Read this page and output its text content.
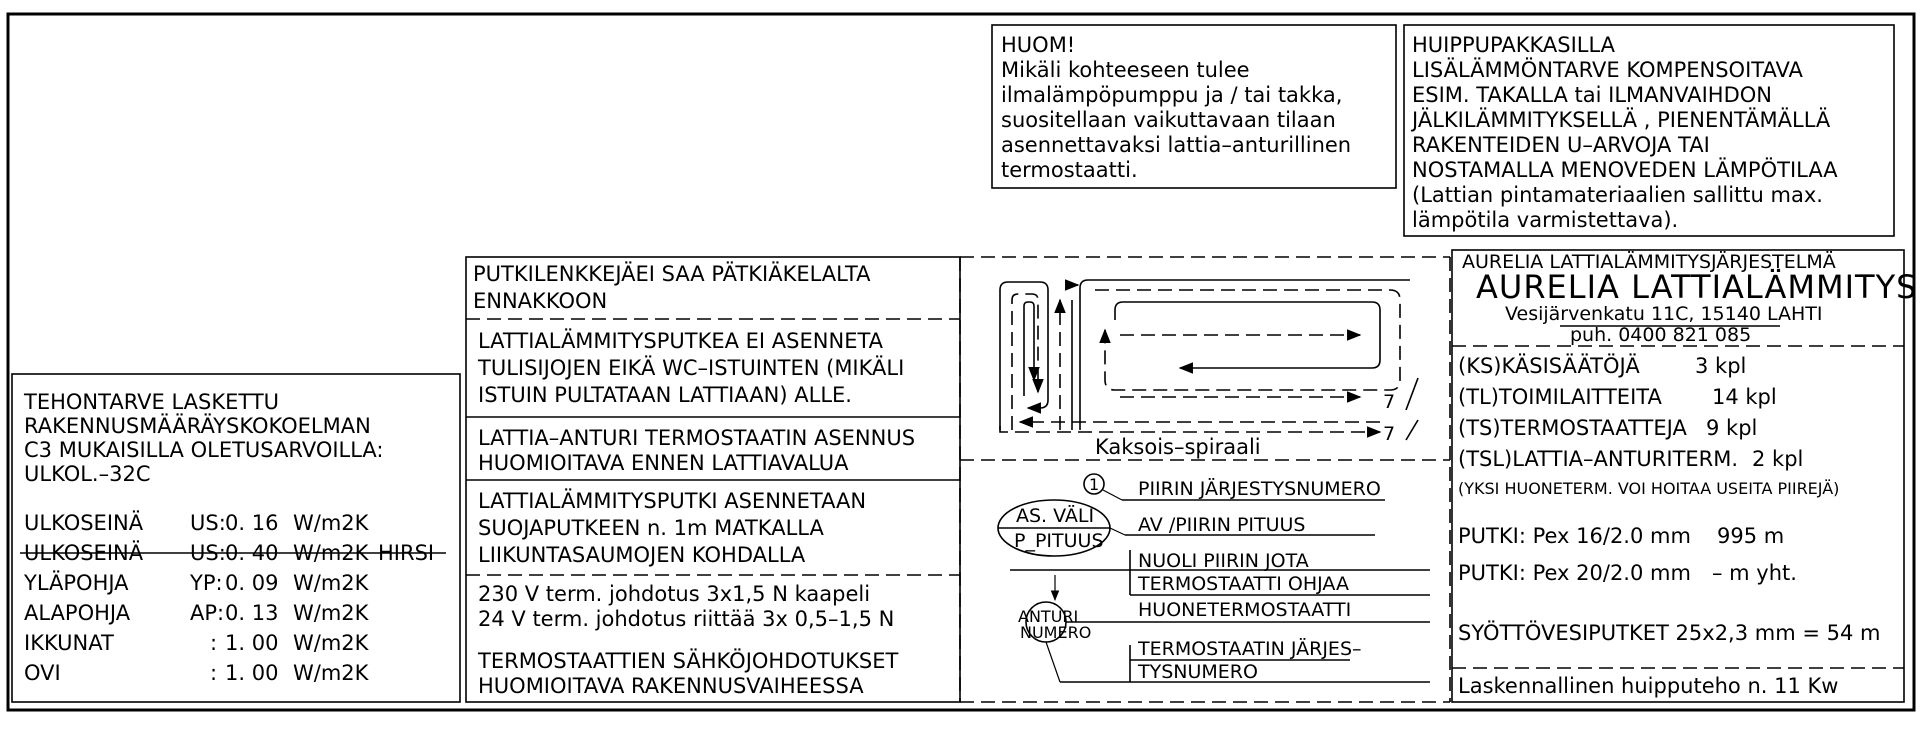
HUOM!
Mikäli kohteeseen tulee
ilmalämpöpumppu ja / tai takka,
suositellaan vaikuttavaan tilaan
asennettavaksi lattia–anturillinen
termostaatti.
HUIPPUPAKKASILLA
LISÄLÄMMÖNTARVE KOMPENSOITAVA
ESIM. TAKALLA tai ILMANVAIHDON
JÄLKILÄMMITYKSELLÄ , PIENENTÄMÄLLÄ
RAKENTEIDEN U–ARVOJA TAI
NOSTAMALLA MENOVEDEN LÄMPÖTILAA
(Lattian pintamateriaalien sallittu max.
lämpötila varmistettava).
TEHONTARVE LASKETTU
RAKENNUSMÄÄRÄYSKOKOELMAN
C3 MUKAISILLA OLETUSARVOILLA:
ULKOL.–32C
ULKOSEINÄ US: 0. 16 W/m2K
ULKOSEINÄ US: 0. 40 W/m2K HIRSI
YLÄPOHJA	YP: 0. 09 W/m2K
ALAPOHJA	AP: 0. 13 W/m2K
IKKUNAT	: 1. 00 W/m2K
OVI	: 1. 00 W/m2K
PUTKILENKKEJÄEI SAA PÄTKIÄKELALTA
ENNAKKOON
LATTIALÄMMITYSPUTKEA EI ASENNETA
TULISIJOJEN EIKÄ WC–ISTUINTEN (MIKÄLI
ISTUIN PULTATAAN LATTIAAN) ALLE.
LATTIA–ANTURI TERMOSTAATIN ASENNUS
HUOMIOITAVA ENNEN LATTIAVALUA
LATTIALÄMMITYSPUTKI ASENNETAAN
SUOJAPUTKEEN n. 1m MATKALLA
LIIKUNTASAUMOJEN KOHDALLA
230 V term. johdotus 3x1,5 N kaapeli
24 V term. johdotus riittää 3x 0,5–1,5 N
TERMOSTAATTIEN SÄHKÖJOHDOTUKSET
HUOMIOITAVA RAKENNUSVAIHEESSA
7
7
Kaksois–spiraali
1 PIIRIN JÄRJESTYSNUMERO
AS. VÄLI
P_PITUUS
AV /PIIRIN PITUUS
NUOLI PIIRIN JOTA
TERMOSTAATTI OHJAA
ANTURI
NUMERO
HUONETERMOSTAATTI
TERMOSTAATIN JÄRJES–
TYSNUMERO
AURELIA LATTIALÄMMITYSJÄRJESTELMÄ
AURELIA LATTIALÄMMITYS
Vesijärvenkatu 11C, 15140 LAHTI
puh. 0400 821 085
(KS)KÄSISÄÄTÖJÄ	3 kpl
(TL)TOIMILAITTEITA 14 kpl
(TS)TERMOSTAATTEJA 9 kpl
(TSL)LATTIA–ANTURITERM. 2 kpl
(YKSI HUONETERM. VOI HOITAA USEITA PIIREJÄ)
PUTKI: Pex 16/2.0 mm 995 m
PUTKI: Pex 20/2.0 mm – m yht.
SYÖTTÖVESIPUTKET 25x2,3 mm = 54 m
Laskennallinen huipputeho n. 11 Kw
